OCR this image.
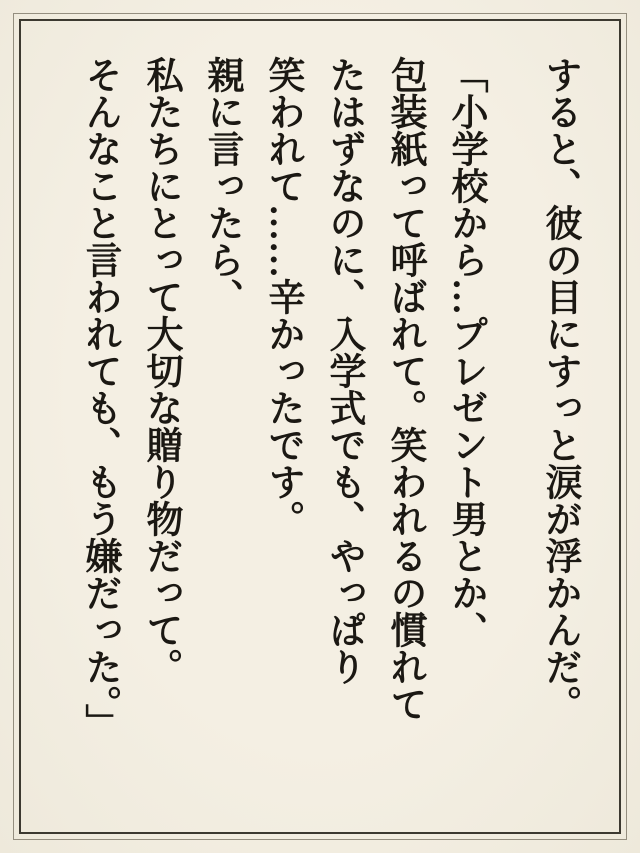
すると、彼の目にすっと涙が浮かんだ。

「小学校から…プレゼント男とか、

包装紙って呼ばれて。笑われるの慣れて

たはずなのに、入学式でも、やっぱり

笑われて……辛かったです。

親に言ったら、

私たちにとって大切な贈り物だって。

そんなこと言われても、もう嫌だった。」
